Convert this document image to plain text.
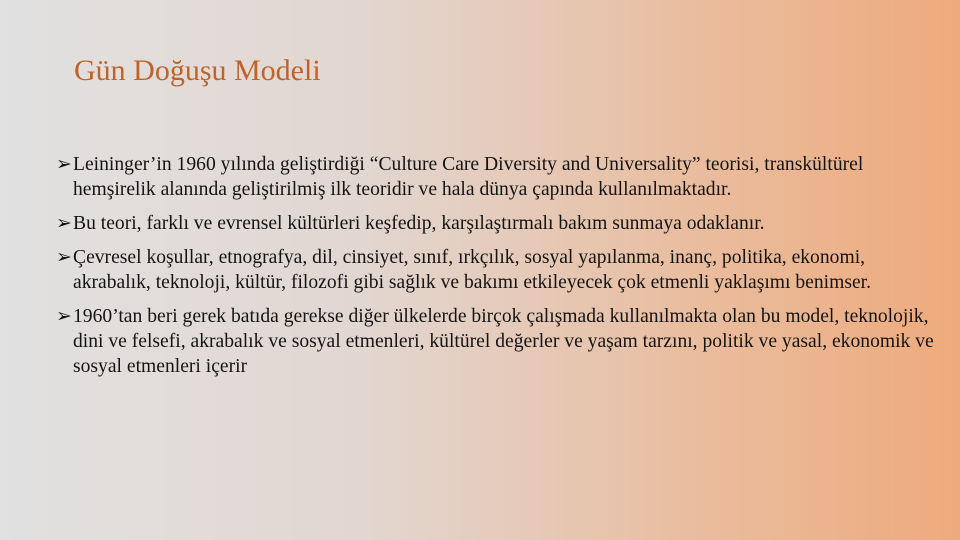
Gün Doğuşu Modeli
➢ Leininger’in 1960 yılında geliştirdiği “Culture Care Diversity and Universality” teorisi, transkültürel hemşirelik alanında geliştirilmiş ilk teoridir ve hala dünya çapında kullanılmaktadır.
➢ Bu teori, farklı ve evrensel kültürleri keşfedip, karşılaştırmalı bakım sunmaya odaklanır.
➢ Çevresel koşullar, etnografya, dil, cinsiyet, sınıf, ırkçılık, sosyal yapılanma, inanç, politika, ekonomi, akrabalık, teknoloji, kültür, filozofi gibi sağlık ve bakımı etkileyecek çok etmenli yaklaşımı benimser.
➢ 1960’tan beri gerek batıda gerekse diğer ülkelerde birçok çalışmada kullanılmakta olan bu model, teknolojik, dini ve felsefi, akrabalık ve sosyal etmenleri, kültürel değerler ve yaşam tarzını, politik ve yasal, ekonomik ve sosyal etmenleri içerir
